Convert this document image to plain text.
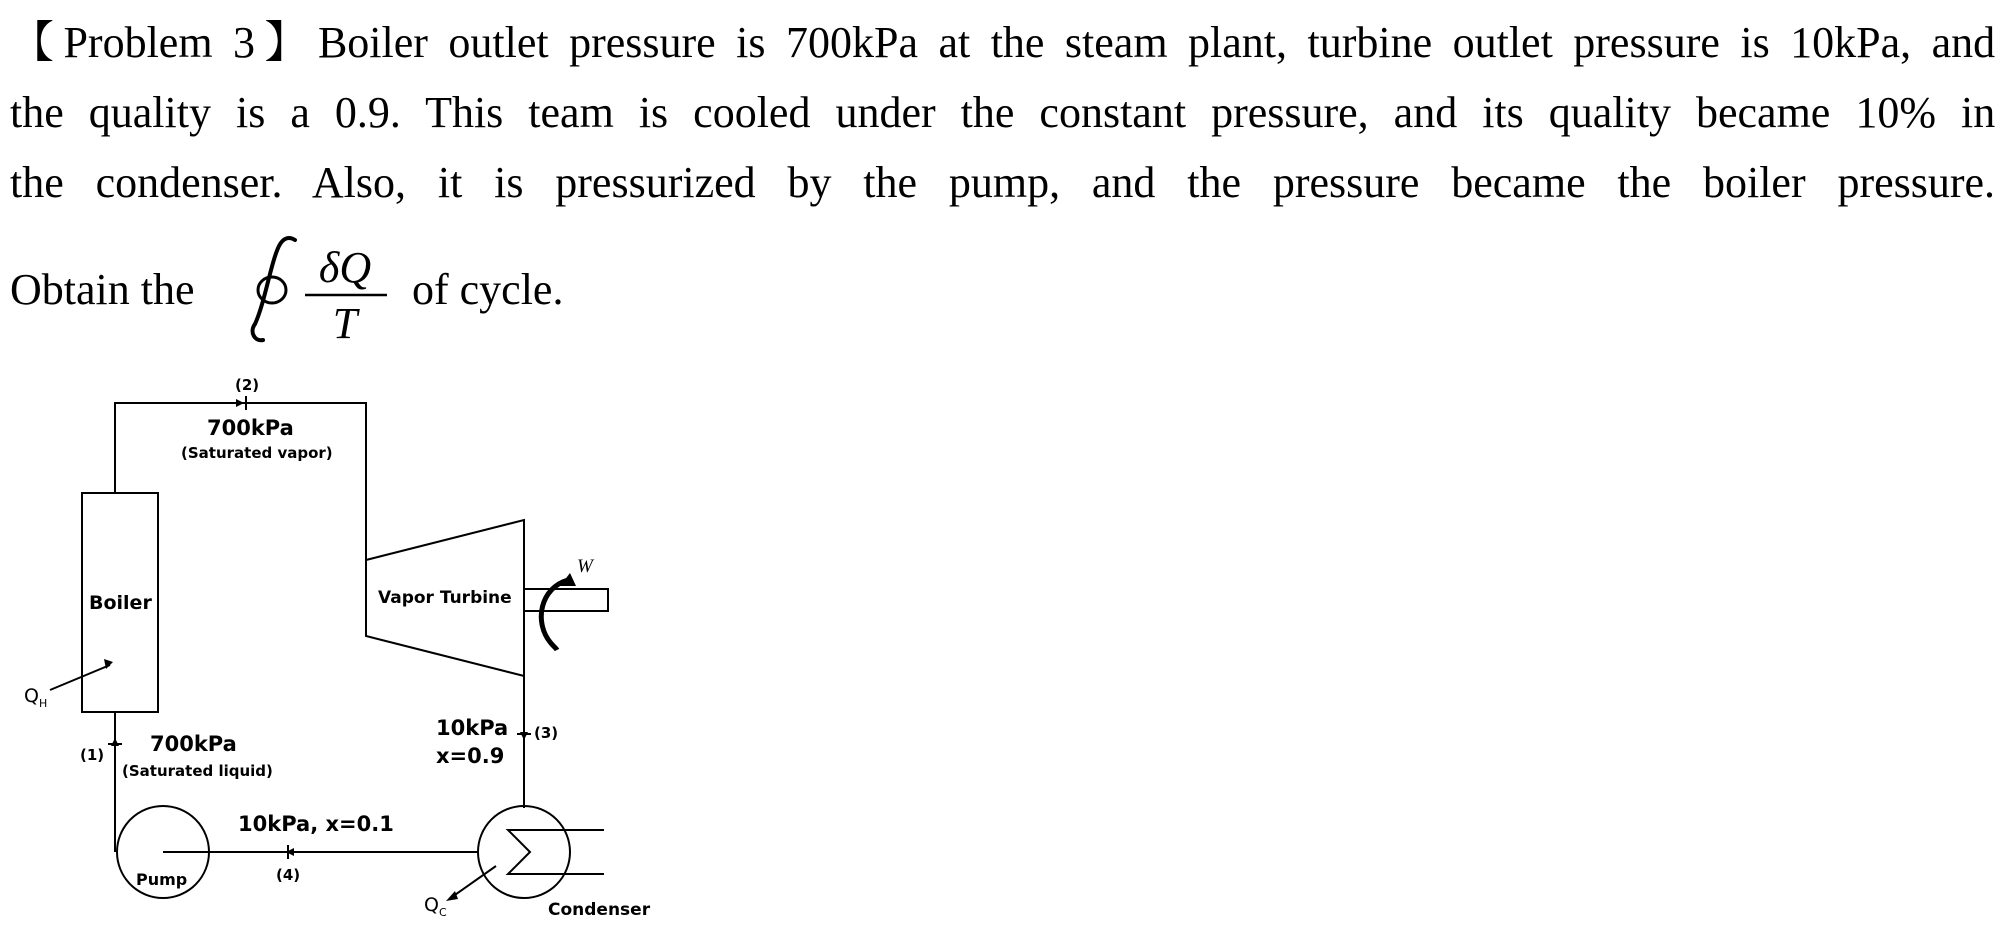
【Problem 3】Boiler outlet pressure is 700kPa at the steam plant, turbine outlet pressure is 10kPa, and
the quality is a 0.9. This team is cooled under the constant pressure, and its quality became 10% in
the condenser. Also, it is pressurized by the pump, and the pressure became the boiler pressure.
Obtain the	δQ
T
of cycle.
(2)
700kPa
(Saturated vapor)
Boiler	Vapor Turbine
W
$Q_H$
(1) 700kPa
(Saturated liquid)
10kPa
x=0.9
(3)
10kPa, x=0.1
(4)
Pump
$Q_C$	Condenser
